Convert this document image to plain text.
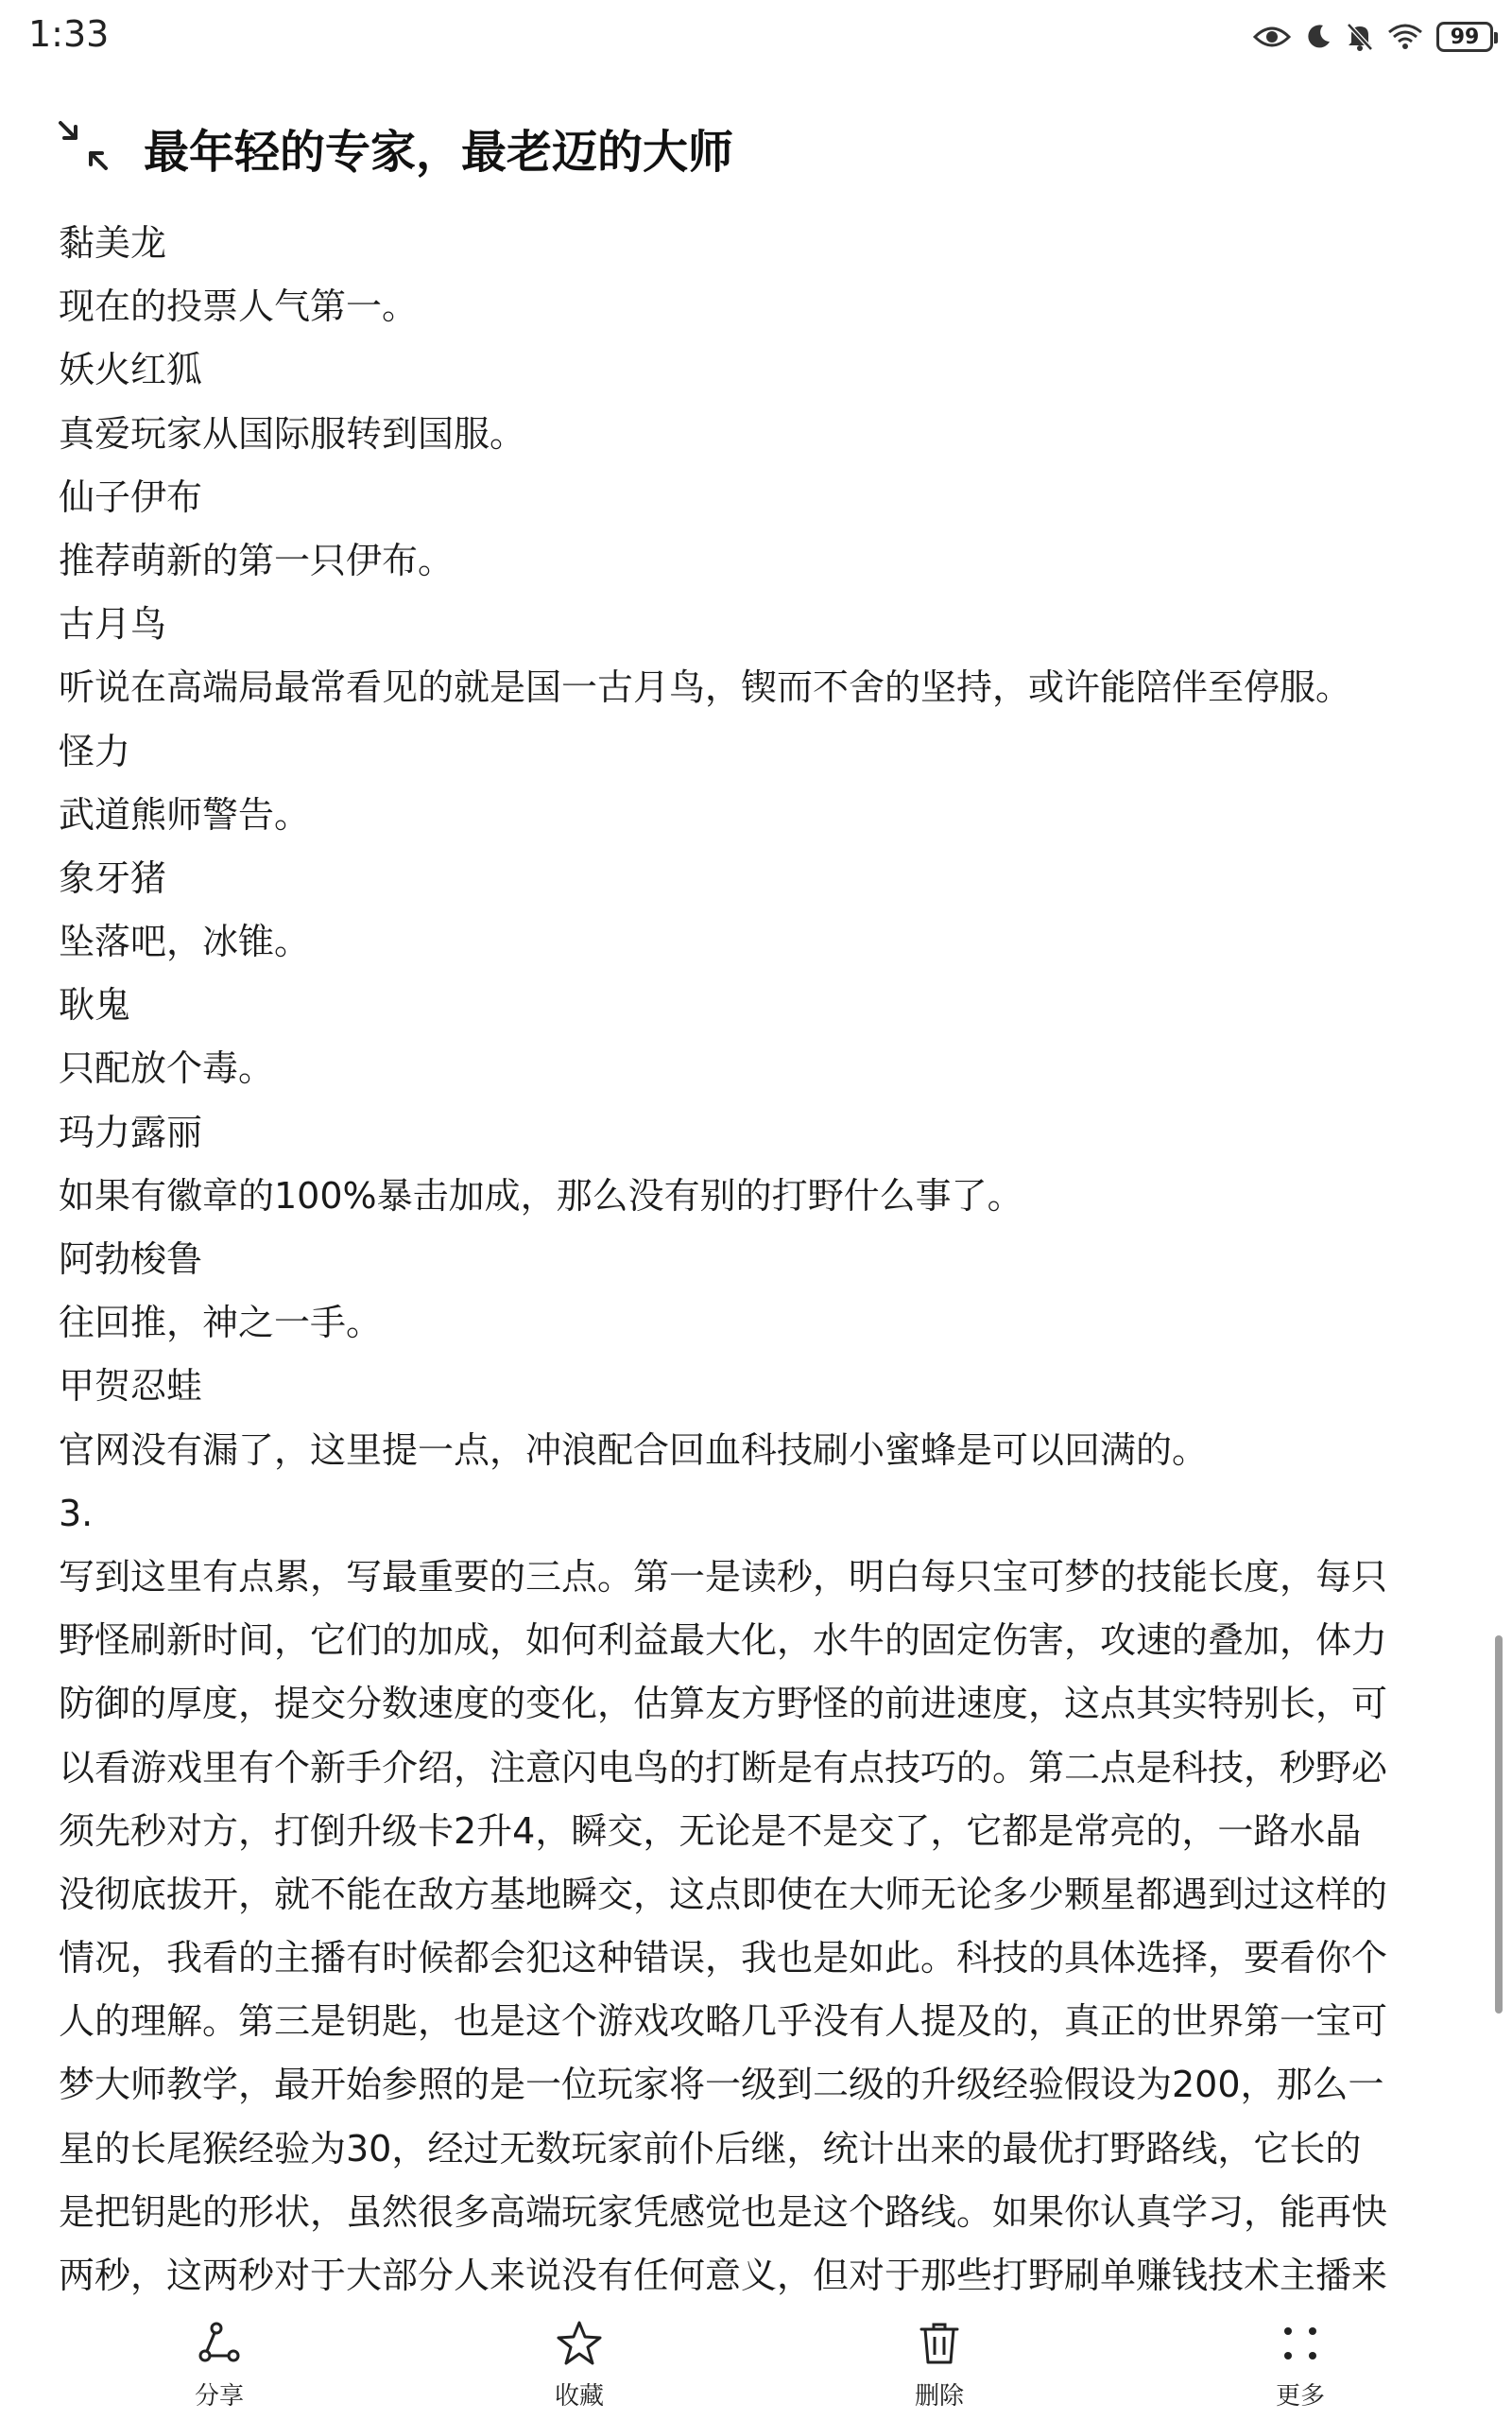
1:33	99
最年轻的专家，最老迈的大师
黏美龙
现在的投票人气第一。
妖火红狐
真爱玩家从国际服转到国服。
仙子伊布
推荐萌新的第一只伊布。
古月鸟
听说在高端局最常看见的就是国一古月鸟，锲而不舍的坚持，或许能陪伴至停服。
怪力
武道熊师警告。
象牙猪
坠落吧，冰锥。
耿鬼
只配放个毒。
玛力露丽
如果有徽章的100%暴击加成，那么没有别的打野什么事了。
阿勃梭鲁
往回推，神之一手。
甲贺忍蛙
官网没有漏了，这里提一点，冲浪配合回血科技刷小蜜蜂是可以回满的。
3.
写到这里有点累，写最重要的三点。第一是读秒，明白每只宝可梦的技能长度，每只
野怪刷新时间，它们的加成，如何利益最大化，水牛的固定伤害，攻速的叠加，体力
防御的厚度，提交分数速度的变化，估算友方野怪的前进速度，这点其实特别长，可
以看游戏里有个新手介绍，注意闪电鸟的打断是有点技巧的。第二点是科技，秒野必
须先秒对方，打倒升级卡2升4，瞬交，无论是不是交了，它都是常亮的，一路水晶
没彻底拔开，就不能在敌方基地瞬交，这点即使在大师无论多少颗星都遇到过这样的
情况，我看的主播有时候都会犯这种错误，我也是如此。科技的具体选择，要看你个
人的理解。第三是钥匙，也是这个游戏攻略几乎没有人提及的，真正的世界第一宝可
梦大师教学，最开始参照的是一位玩家将一级到二级的升级经验假设为200，那么一
星的长尾猴经验为30，经过无数玩家前仆后继，统计出来的最优打野路线，它长的
是把钥匙的形状，虽然很多高端玩家凭感觉也是这个路线。如果你认真学习，能再快
两秒，这两秒对于大部分人来说没有任何意义，但对于那些打野刷单赚钱技术主播来
分享	收藏	删除	更多
